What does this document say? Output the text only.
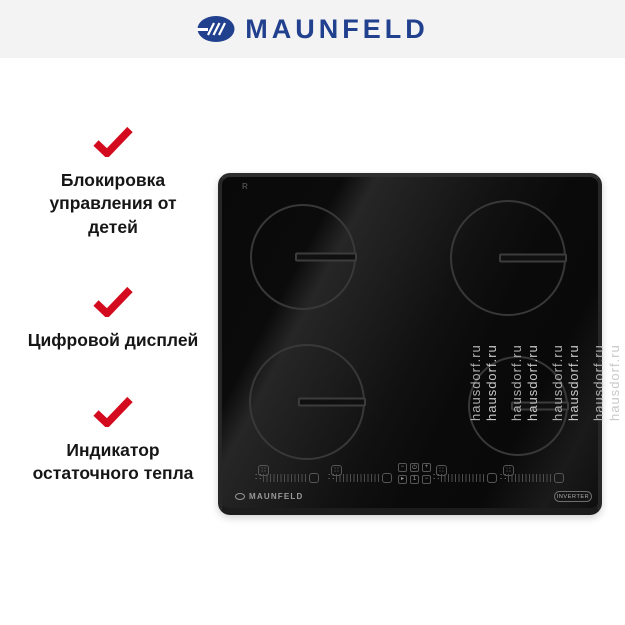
MAUNFELD
Блокировка управления от детей
Цифровой дисплей
Индикатор остаточного тепла
R
∷
∷
∷
∷
−	⏻	+
▸	1	−
∷
∷
∷
∷
MAUNFELD	INVERTER
hausdorf.ru hausdorf.ru hausdorf.ru hausdorf.ru
hausdorf.ru hausdorf.ru hausdorf.ru hausdorf.ru
